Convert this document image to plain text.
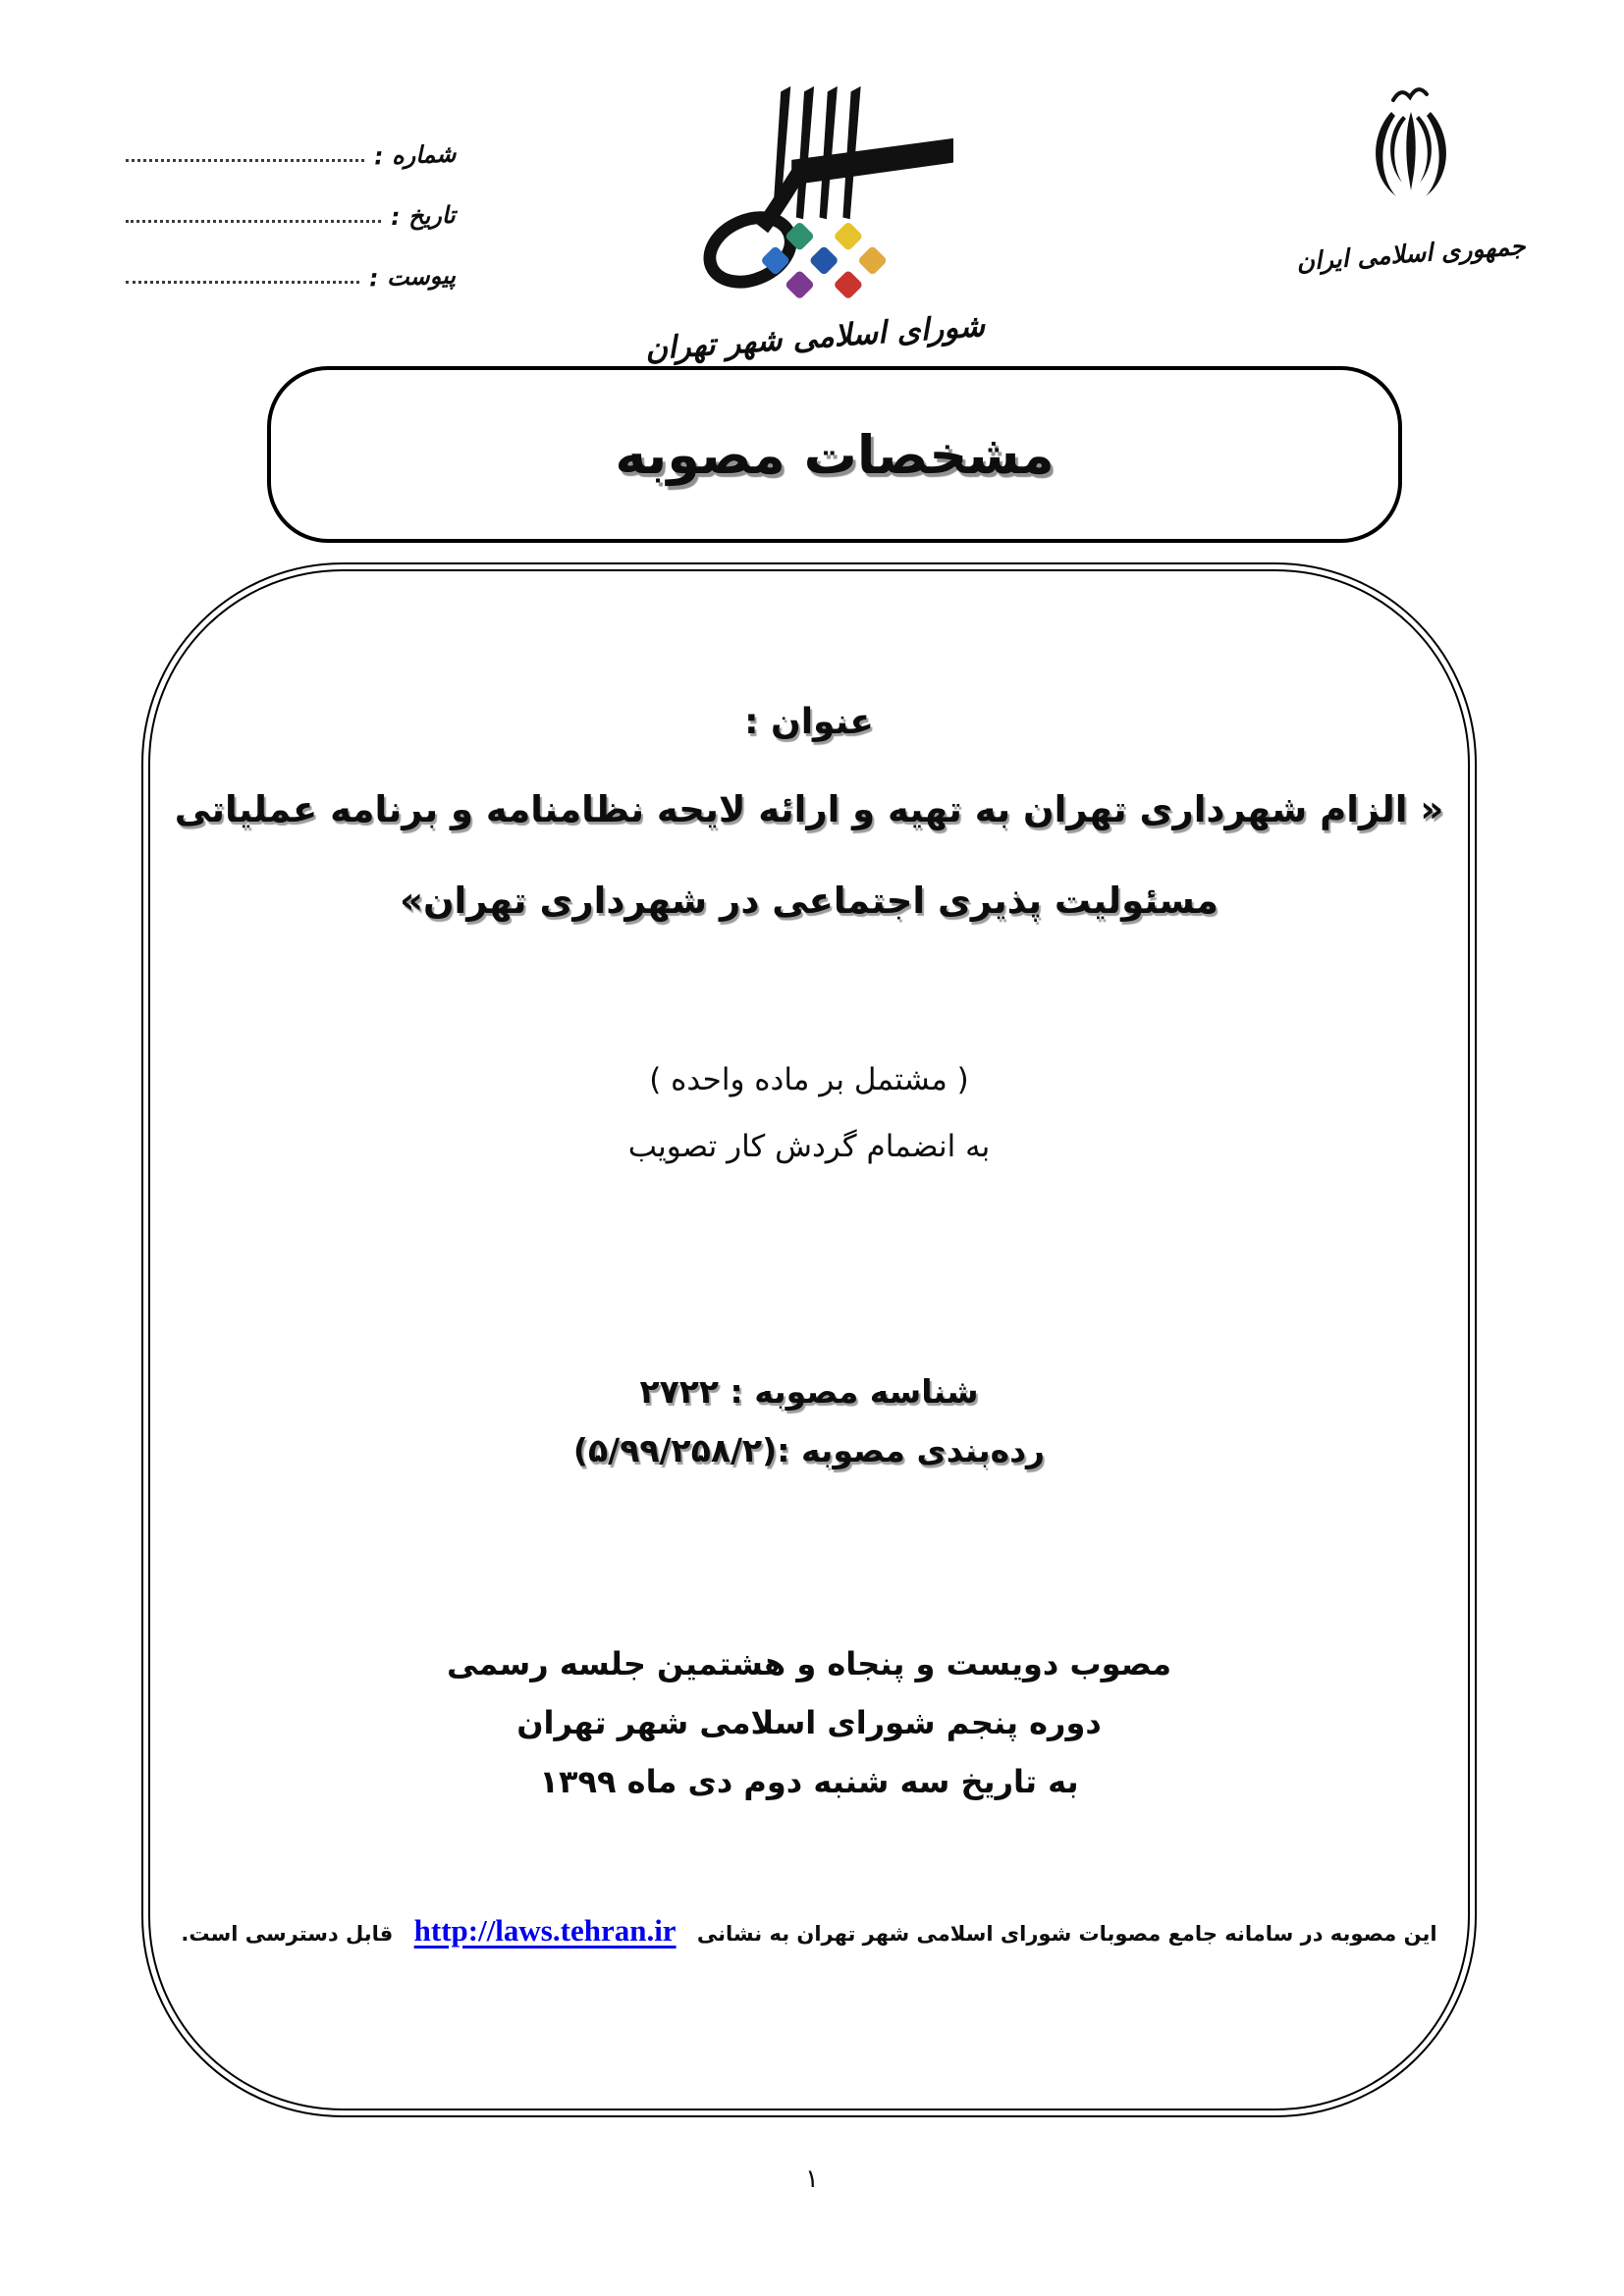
شماره :
تاریخ :
پیوست :
شورای اسلامی شهر تهران
جمهوری اسلامی ایران
مشخصات مصوبه
عنوان :
« الزام شهرداری تهران به تهیه و ارائه لایحه نظامنامه و برنامه عملیاتی
مسئولیت پذیری اجتماعی در شهرداری تهران»
( مشتمل بر ماده واحده )
به انضمام گردش کار تصویب
شناسه مصوبه : ۲۷۲۲
رده‌بندی مصوبه :(۵/۹۹/۲۵۸/۲)
مصوب دویست و پنجاه و هشتمین جلسه رسمی
دوره پنجم شورای اسلامی شهر تهران
به تاریخ سه شنبه دوم دی ماه ۱۳۹۹
این مصوبه در سامانه جامع مصوبات شورای اسلامی شهر تهران به نشانی http://laws.tehran.ir قابل دسترسی است.
۱
